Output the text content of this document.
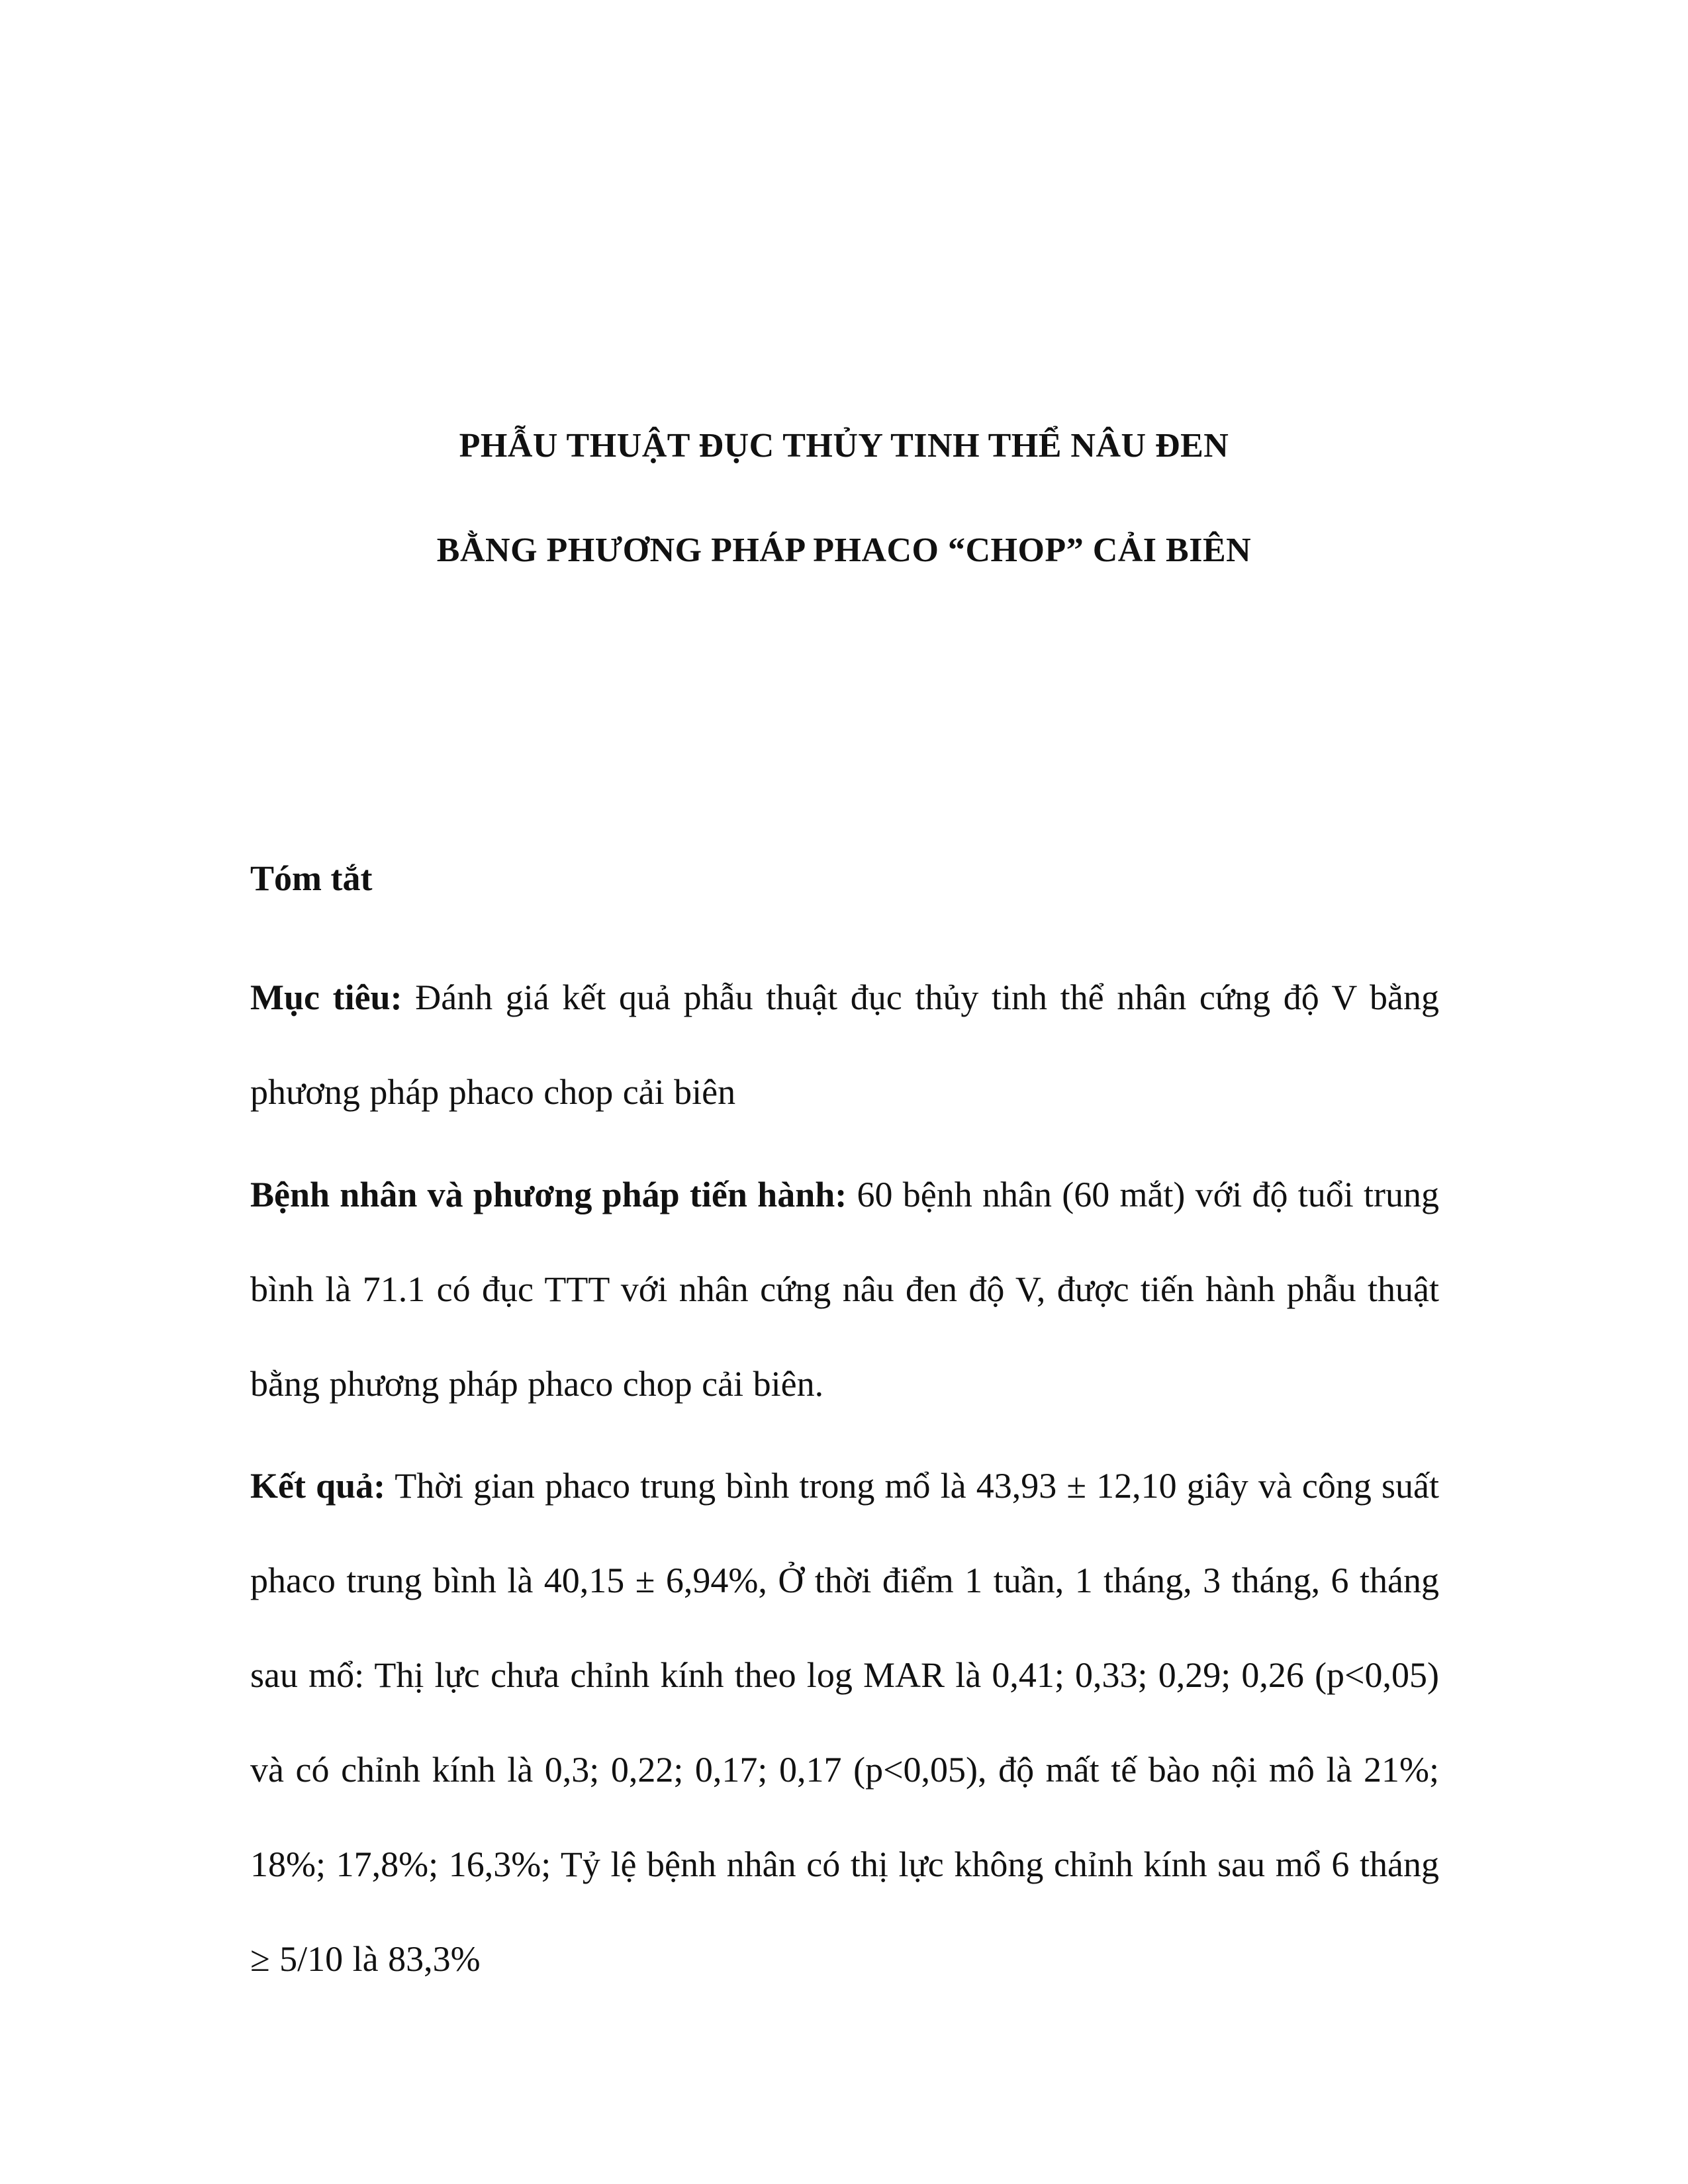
PHẪU THUẬT ĐỤC THỦY TINH THỂ NÂU ĐEN
BẰNG PHƯƠNG PHÁP PHACO “CHOP” CẢI BIÊN
Tóm tắt

Mục tiêu: Đánh giá kết quả phẫu thuật đục thủy tinh thể nhân cứng độ V bằng phương pháp phaco chop cải biên

Bệnh nhân và phương pháp tiến hành: 60 bệnh nhân (60 mắt) với độ tuổi trung bình là 71.1 có đục TTT với nhân cứng nâu đen độ V, được tiến hành phẫu thuật bằng phương pháp phaco chop cải biên.

Kết quả: Thời gian phaco trung bình trong mổ là 43,93 ± 12,10 giây và công suất phaco trung bình là 40,15 ± 6,94%, Ở thời điểm 1 tuần, 1 tháng, 3 tháng, 6 tháng sau mổ: Thị lực chưa chỉnh kính theo log MAR là 0,41; 0,33; 0,29; 0,26 (p<0,05) và có chỉnh kính là 0,3; 0,22; 0,17; 0,17 (p<0,05), độ mất tế bào nội mô là 21%; 18%; 17,8%; 16,3%; Tỷ lệ bệnh nhân có thị lực không chỉnh kính sau mổ 6 tháng ≥ 5/10 là 83,3%
